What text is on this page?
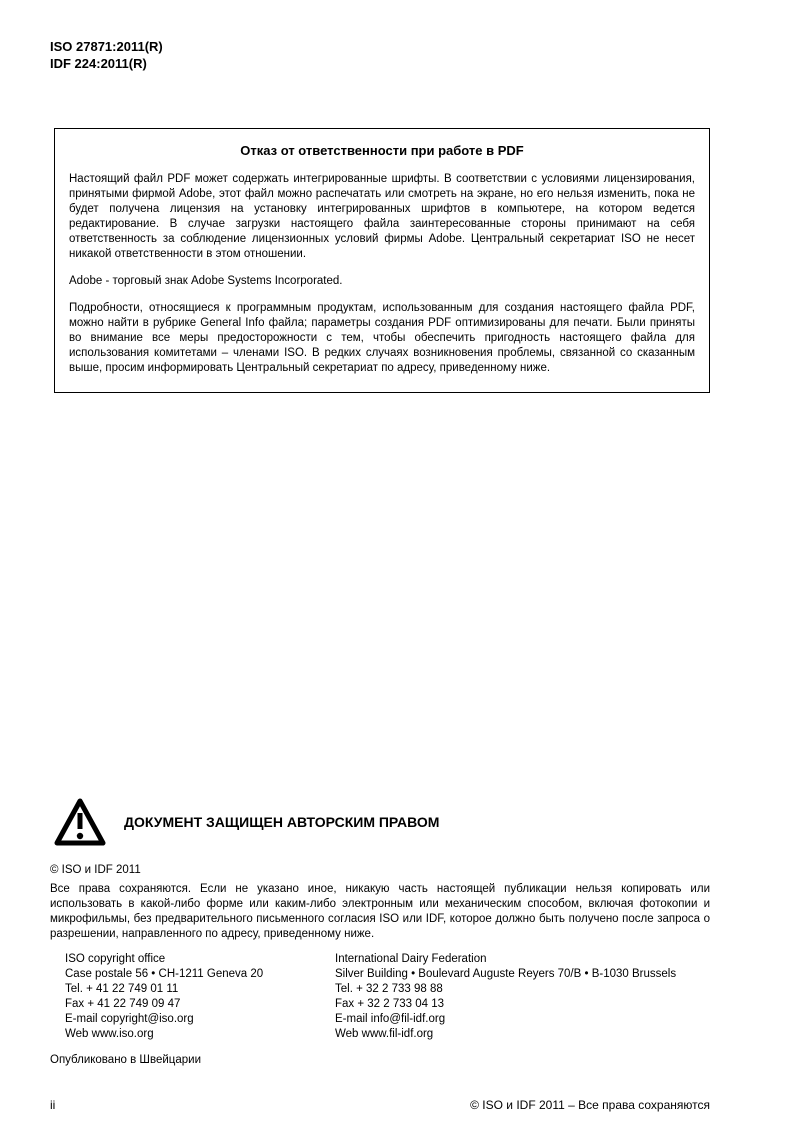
ISO 27871:2011(R)
IDF 224:2011(R)
Отказ от ответственности при работе в PDF
Настоящий файл PDF может содержать интегрированные шрифты. В соответствии с условиями лицензирования, принятыми фирмой Adobe, этот файл можно распечатать или смотреть на экране, но его нельзя изменить, пока не будет получена лицензия на установку интегрированных шрифтов в компьютере, на котором ведется редактирование. В случае загрузки настоящего файла заинтересованные стороны принимают на себя ответственность за соблюдение лицензионных условий фирмы Adobe. Центральный секретариат ISO не несет никакой ответственности в этом отношении.
Adobe - торговый знак Adobe Systems Incorporated.
Подробности, относящиеся к программным продуктам, использованным для создания настоящего файла PDF, можно найти в рубрике General Info файла; параметры создания PDF оптимизированы для печати. Были приняты во внимание все меры предосторожности с тем, чтобы обеспечить пригодность настоящего файла для использования комитетами – членами ISO. В редких случаях возникновения проблемы, связанной со сказанным выше, просим информировать Центральный секретариат по адресу, приведенному ниже.
ДОКУМЕНТ ЗАЩИЩЕН АВТОРСКИМ ПРАВОМ
© ISO и IDF 2011
Все права сохраняются. Если не указано иное, никакую часть настоящей публикации нельзя копировать или использовать в какой-либо форме или каким-либо электронным или механическим способом, включая фотокопии и микрофильмы, без предварительного письменного согласия ISO или IDF, которое должно быть получено после запроса о разрешении, направленного по адресу, приведенному ниже.
ISO copyright office
Case postale 56 • CH-1211 Geneva 20
Tel. + 41 22 749 01 11
Fax + 41 22 749 09 47
E-mail copyright@iso.org
Web www.iso.org
International Dairy Federation
Silver Building • Boulevard Auguste Reyers 70/B • B-1030 Brussels
Tel. + 32 2 733 98 88
Fax + 32 2 733 04 13
E-mail info@fil-idf.org
Web www.fil-idf.org
Опубликовано в Швейцарии
ii	© ISO и IDF 2011 – Все права сохраняются
